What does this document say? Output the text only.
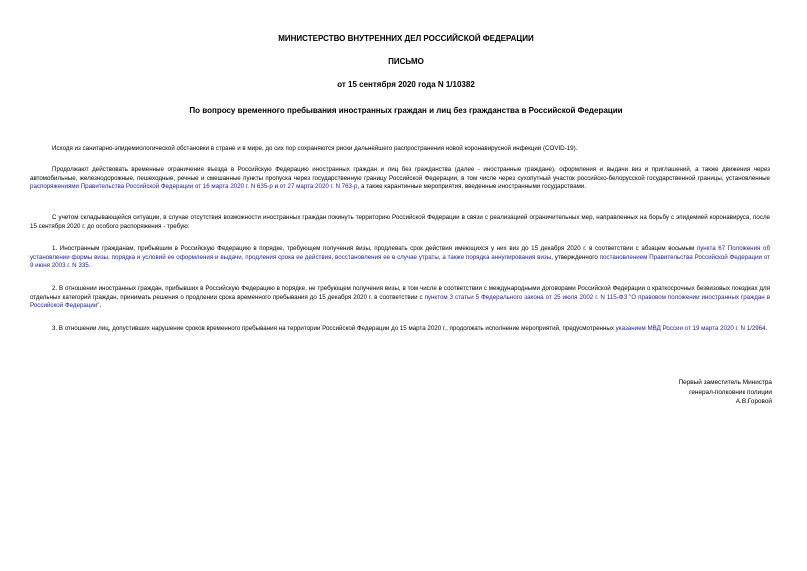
МИНИСТЕРСТВО ВНУТРЕННИХ ДЕЛ РОССИЙСКОЙ ФЕДЕРАЦИИ
ПИСЬМО
от 15 сентября 2020 года N 1/10382
По вопросу временного пребывания иностранных граждан и лиц без гражданства в Российской Федерации
Исходя из санитарно-эпидемиологической обстановки в стране и в мире, до сих пор сохраняются риски дальнейшего распространения новой коронавирусной инфекции (COVID-19).
Продолжают действовать временные ограничения въезда в Российскую Федерацию иностранных граждан и лиц без гражданства (далее - иностранные граждане), оформления и выдачи виз и приглашений, а также движения через автомобильные, железнодорожные, пешеходные, речные и смешанные пункты пропуска через государственную границу Российской Федерации, в том числе через сухопутный участок российско-белорусской государственной границы, установленные распоряжениями Правительства Российской Федерации от 16 марта 2020 г. N 635-р и от 27 марта 2020 г. N 763-р, а также карантинные мероприятия, введенные иностранными государствами.
С учетом складывающейся ситуации, в случае отсутствия возможности иностранных граждан покинуть территорию Российской Федерации в связи с реализацией ограничительных мер, направленных на борьбу с эпидемией коронавируса, после 15 сентября 2020 г. до особого распоряжения - требую:
1. Иностранным гражданам, прибывшим в Российскую Федерацию в порядке, требующем получения визы, продлевать срок действия имеющихся у них виз до 15 декабря 2020 г. в соответствии с абзацем восьмым пункта 67 Положения об установлении формы визы, порядка и условий ее оформления и выдачи, продления срока ее действия, восстановления ее в случае утраты, а также порядка аннулирования визы, утвержденного постановлением Правительства Российской Федерации от 9 июня 2003 г. N 335.
2. В отношении иностранных граждан, прибывших в Российскую Федерацию в порядке, не требующем получения визы, в том числе в соответствии с международными договорами Российской Федерации о краткосрочных безвизовых поездках для отдельных категорий граждан, принимать решения о продлении срока временного пребывания до 15 декабря 2020 г. в соответствии с пунктом 3 статьи 5 Федерального закона от 25 июля 2002 г. N 115-ФЗ "О правовом положении иностранных граждан в Российской Федерации".
3. В отношении лиц, допустивших нарушение сроков временного пребывания на территории Российской Федерации до 15 марта 2020 г., продолжать исполнение мероприятий, предусмотренных указанием МВД России от 19 марта 2020 г. N 1/2964.
Первый заместитель Министра
генерал-полковник полиции
А.В.Горовой
